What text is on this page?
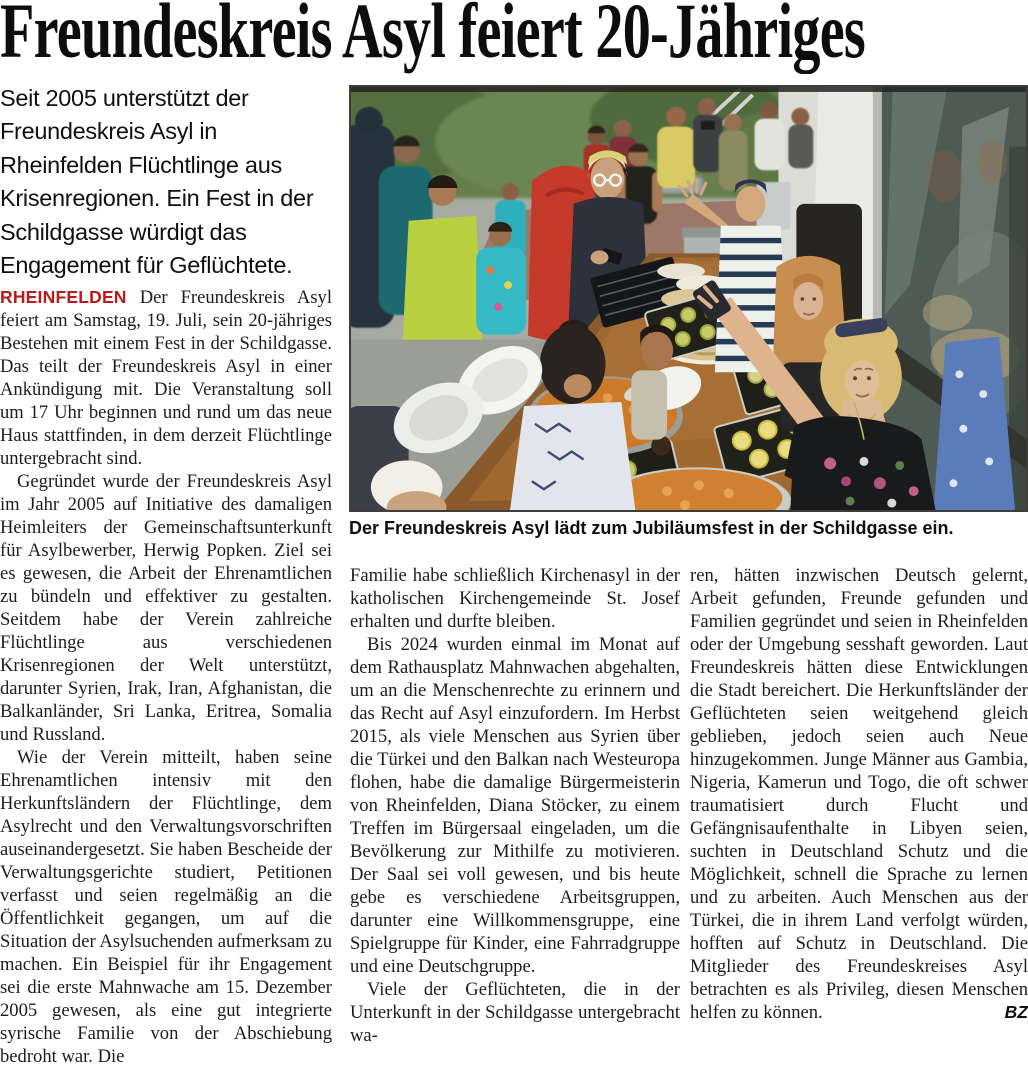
Freundeskreis Asyl feiert 20-Jähriges
Seit 2005 unterstützt der Freundeskreis Asyl in Rheinfelden Flüchtlinge aus Krisenregionen. Ein Fest in der Schildgasse würdigt das Engagement für Geflüchtete.

RHEINFELDEN Der Freundeskreis Asyl feiert am Samstag, 19. Juli, sein 20-jähriges Bestehen mit einem Fest in der Schildgasse. Das teilt der Freundeskreis Asyl in einer Ankündigung mit. Die Veranstaltung soll um 17 Uhr beginnen und rund um das neue Haus stattfinden, in dem derzeit Flüchtlinge untergebracht sind.

Gegründet wurde der Freundeskreis Asyl im Jahr 2005 auf Initiative des damaligen Heimleiters der Gemeinschaftsunterkunft für Asylbewerber, Herwig Popken. Ziel sei es gewesen, die Arbeit der Ehrenamtlichen zu bündeln und effektiver zu gestalten. Seitdem habe der Verein zahlreiche Flüchtlinge aus verschiedenen Krisenregionen der Welt unterstützt, darunter Syrien, Irak, Iran, Afghanistan, die Balkanländer, Sri Lanka, Eritrea, Somalia und Russland.

Wie der Verein mitteilt, haben seine Ehrenamtlichen intensiv mit den Herkunftsländern der Flüchtlinge, dem Asylrecht und den Verwaltungsvorschriften auseinandergesetzt. Sie haben Bescheide der Verwaltungsgerichte studiert, Petitionen verfasst und seien regelmäßig an die Öffentlichkeit gegangen, um auf die Situation der Asylsuchenden aufmerksam zu machen. Ein Beispiel für ihr Engagement sei die erste Mahnwache am 15. Dezember 2005 gewesen, als eine gut integrierte syrische Familie von der Abschiebung bedroht war. Die

Der Freundeskreis Asyl lädt zum Jubiläumsfest in der Schildgasse ein.

Familie habe schließlich Kirchenasyl in der katholischen Kirchengemeinde St. Josef erhalten und durfte bleiben.

Bis 2024 wurden einmal im Monat auf dem Rathausplatz Mahnwachen abgehalten, um an die Menschenrechte zu erinnern und das Recht auf Asyl einzufordern. Im Herbst 2015, als viele Menschen aus Syrien über die Türkei und den Balkan nach Westeuropa flohen, habe die damalige Bürgermeisterin von Rheinfelden, Diana Stöcker, zu einem Treffen im Bürgersaal eingeladen, um die Bevölkerung zur Mithilfe zu motivieren. Der Saal sei voll gewesen, und bis heute gebe es verschiedene Arbeitsgruppen, darunter eine Willkommensgruppe, eine Spielgruppe für Kinder, eine Fahrradgruppe und eine Deutschgruppe.

Viele der Geflüchteten, die in der Unterkunft in der Schildgasse untergebracht wa-

ren, hätten inzwischen Deutsch gelernt, Arbeit gefunden, Freunde gefunden und Familien gegründet und seien in Rheinfelden oder der Umgebung sesshaft geworden. Laut Freundeskreis hätten diese Entwicklungen die Stadt bereichert. Die Herkunftsländer der Geflüchteten seien weitgehend gleich geblieben, jedoch seien auch Neue hinzugekommen. Junge Männer aus Gambia, Nigeria, Kamerun und Togo, die oft schwer traumatisiert durch Flucht und Gefängnisaufenthalte in Libyen seien, suchten in Deutschland Schutz und die Möglichkeit, schnell die Sprache zu lernen und zu arbeiten. Auch Menschen aus der Türkei, die in ihrem Land verfolgt würden, hofften auf Schutz in Deutschland. Die Mitglieder des Freundeskreises Asyl betrachten es als Privileg, diesen Menschen helfen zu können.	BZ
